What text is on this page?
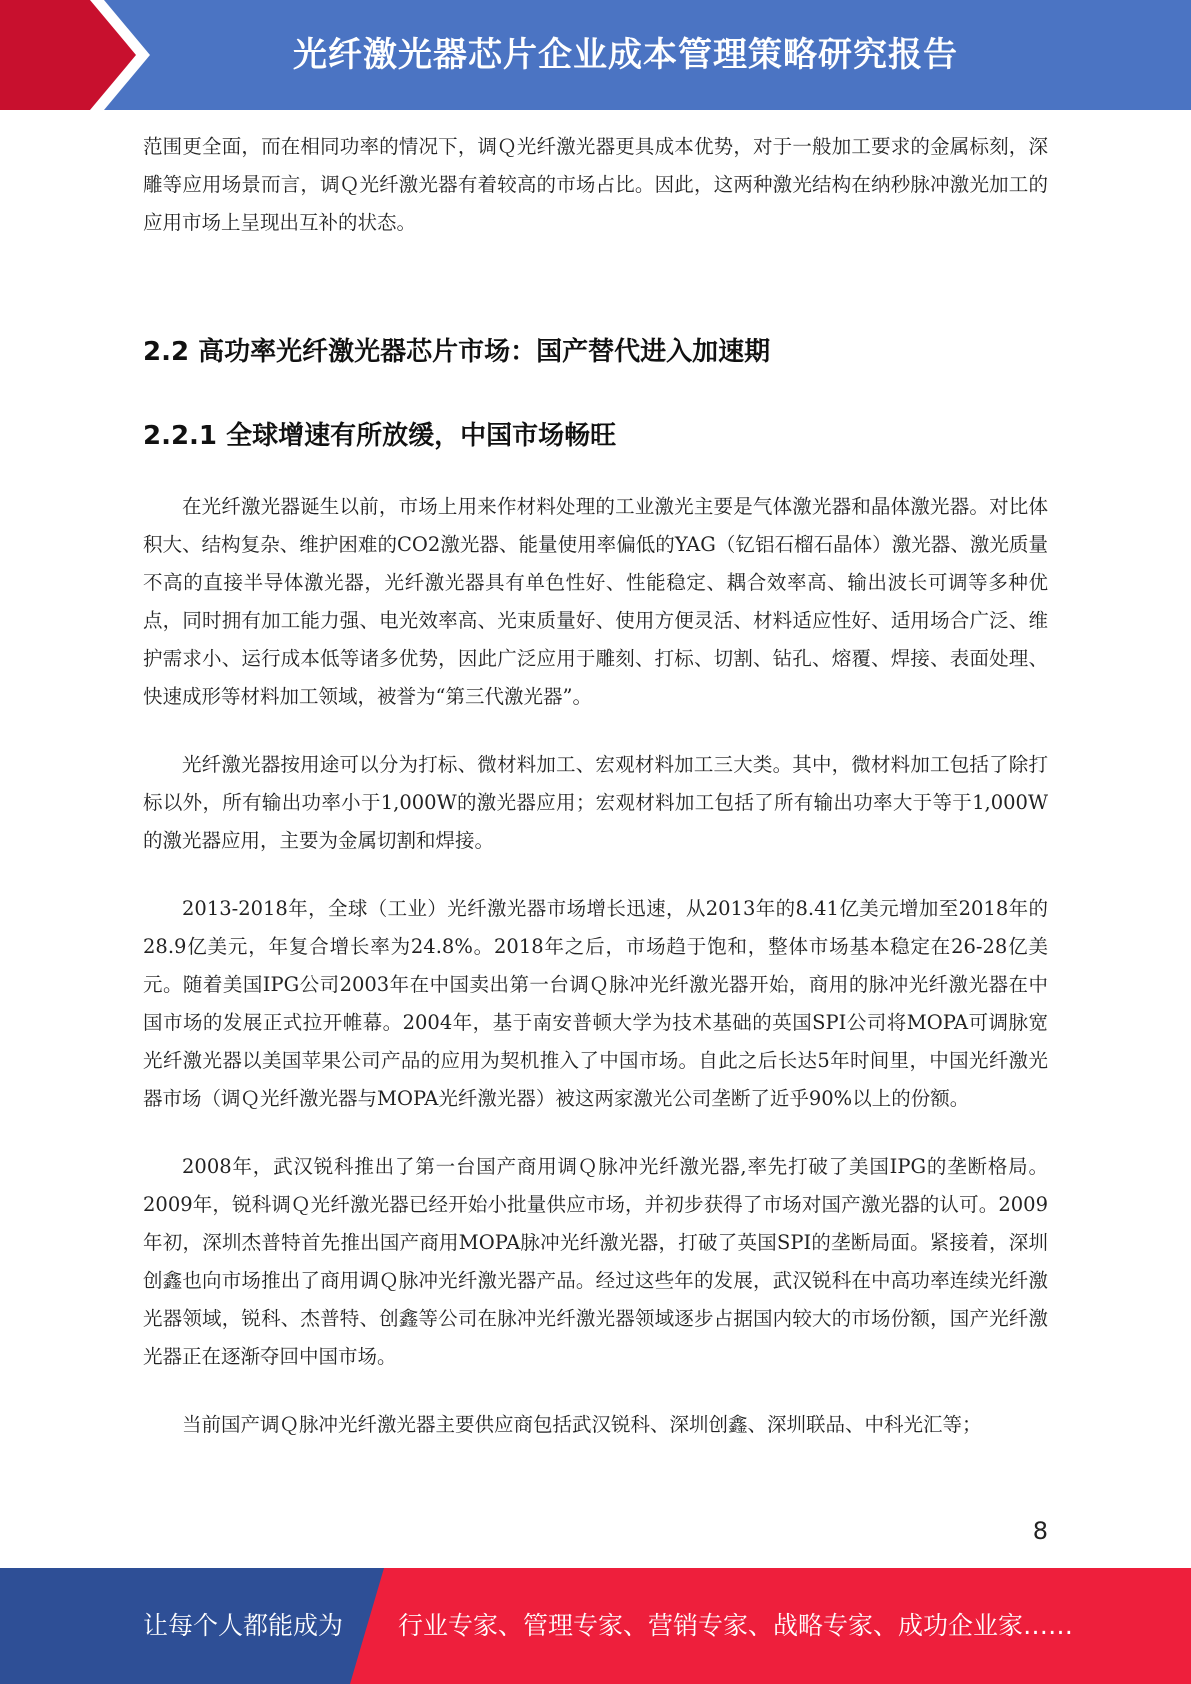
光纤激光器芯片企业成本管理策略研究报告

范围更全面，而在相同功率的情况下，调Ｑ光纤激光器更具成本优势，对于一般加工要求的金属标刻，深雕等应用场景而言，调Ｑ光纤激光器有着较高的市场占比。因此，这两种激光结构在纳秒脉冲激光加工的应用市场上呈现出互补的状态。

2.2 高功率光纤激光器芯片市场：国产替代进入加速期
2.2.1 全球增速有所放缓，中国市场畅旺

在光纤激光器诞生以前，市场上用来作材料处理的工业激光主要是气体激光器和晶体激光器。对比体积大、结构复杂、维护困难的CO2激光器、能量使用率偏低的YAG（钇铝石榴石晶体）激光器、激光质量不高的直接半导体激光器，光纤激光器具有单色性好、性能稳定、耦合效率高、输出波长可调等多种优点，同时拥有加工能力强、电光效率高、光束质量好、使用方便灵活、材料适应性好、适用场合广泛、维护需求小、运行成本低等诸多优势，因此广泛应用于雕刻、打标、切割、钻孔、熔覆、焊接、表面处理、快速成形等材料加工领域，被誉为“第三代激光器”。

光纤激光器按用途可以分为打标、微材料加工、宏观材料加工三大类。其中，微材料加工包括了除打标以外，所有输出功率小于1,000W的激光器应用；宏观材料加工包括了所有输出功率大于等于1,000W的激光器应用，主要为金属切割和焊接。

2013-2018年，全球（工业）光纤激光器市场增长迅速，从2013年的8.41亿美元增加至2018年的28.9亿美元，年复合增长率为24.8%。2018年之后，市场趋于饱和，整体市场基本稳定在26-28亿美元。随着美国IPG公司2003年在中国卖出第一台调Ｑ脉冲光纤激光器开始，商用的脉冲光纤激光器在中国市场的发展正式拉开帷幕。2004年，基于南安普顿大学为技术基础的英国SPI公司将MOPA可调脉宽光纤激光器以美国苹果公司产品的应用为契机推入了中国市场。自此之后长达5年时间里，中国光纤激光器市场（调Ｑ光纤激光器与MOPA光纤激光器）被这两家激光公司垄断了近乎90%以上的份额。

2008年，武汉锐科推出了第一台国产商用调Ｑ脉冲光纤激光器,率先打破了美国IPG的垄断格局。2009年，锐科调Ｑ光纤激光器已经开始小批量供应市场，并初步获得了市场对国产激光器的认可。2009年初，深圳杰普特首先推出国产商用MOPA脉冲光纤激光器，打破了英国SPI的垄断局面。紧接着，深圳创鑫也向市场推出了商用调Ｑ脉冲光纤激光器产品。经过这些年的发展，武汉锐科在中高功率连续光纤激光器领域，锐科、杰普特、创鑫等公司在脉冲光纤激光器领域逐步占据国内较大的市场份额，国产光纤激光器正在逐渐夺回中国市场。

当前国产调Ｑ脉冲光纤激光器主要供应商包括武汉锐科、深圳创鑫、深圳联品、中科光汇等；

8
让每个人都能成为 行业专家、管理专家、营销专家、战略专家、成功企业家……
